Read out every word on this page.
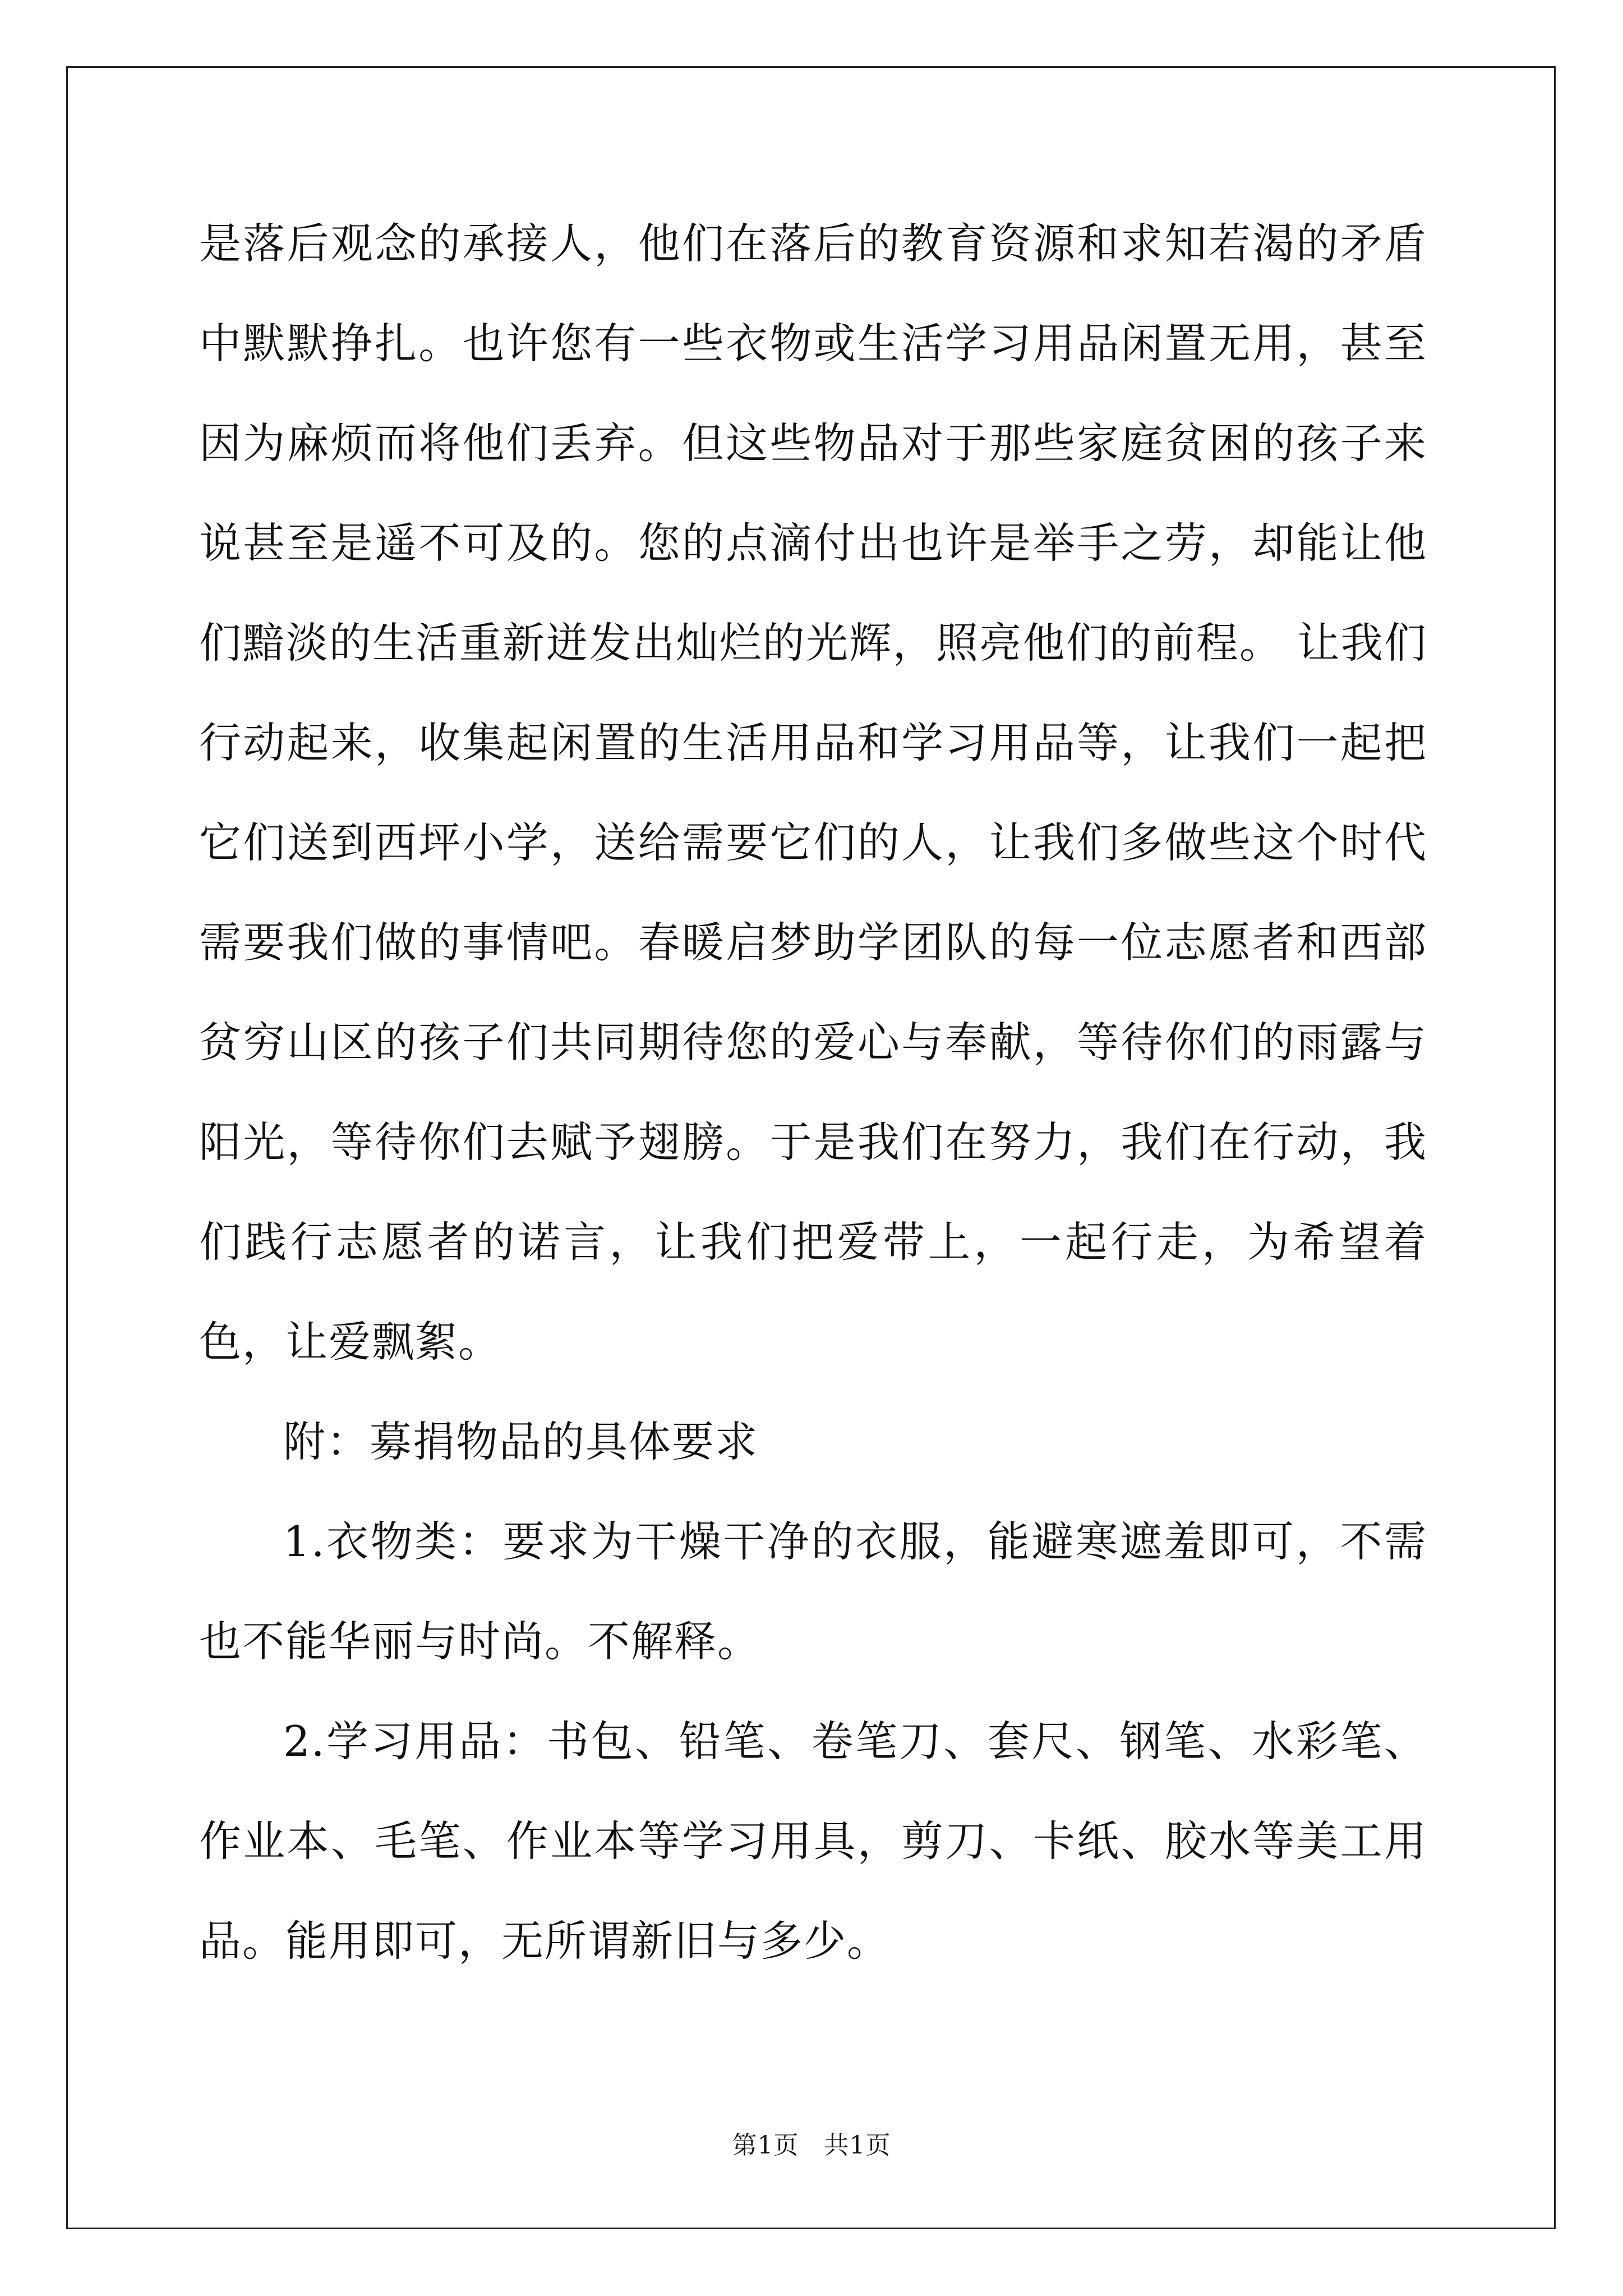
是落后观念的承接人，他们在落后的教育资源和求知若渴的矛盾中默默挣扎。也许您有一些衣物或生活学习用品闲置无用，甚至因为麻烦而将他们丢弃。但这些物品对于那些家庭贫困的孩子来说甚至是遥不可及的。您的点滴付出也许是举手之劳，却能让他们黯淡的生活重新迸发出灿烂的光辉，照亮他们的前程。 让我们行动起来，收集起闲置的生活用品和学习用品等，让我们一起把它们送到西坪小学，送给需要它们的人，让我们多做些这个时代需要我们做的事情吧。春暖启梦助学团队的每一位志愿者和西部贫穷山区的孩子们共同期待您的爱心与奉献，等待你们的雨露与阳光，等待你们去赋予翅膀。于是我们在努力，我们在行动，我们践行志愿者的诺言，让我们把爱带上，一起行走，为希望着色，让爱飘絮。

附：募捐物品的具体要求

1.衣物类：要求为干燥干净的衣服，能避寒遮羞即可，不需也不能华丽与时尚。不解释。

2.学习用品：书包、铅笔、卷笔刀、套尺、钢笔、水彩笔、作业本、毛笔、作业本等学习用具，剪刀、卡纸、胶水等美工用品。能用即可，无所谓新旧与多少。

第1页　共1页
